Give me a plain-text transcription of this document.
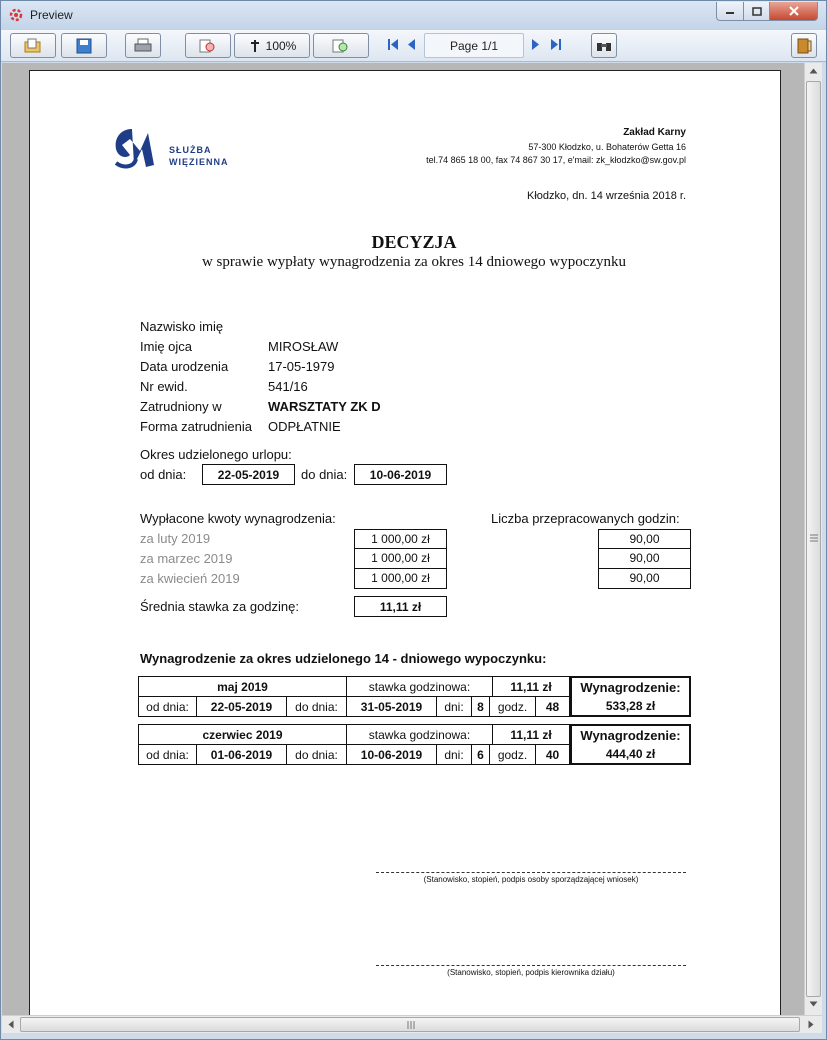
Preview
100%	Page 1/1
SŁUŻBA
WIĘZIENNA
Zakład Karny
57-300 Kłodzko, u. Bohaterów Getta 16
tel.74 865 18 00, fax 74 867 30 17, e'mail: zk_kłodzko@sw.gov.pl
Kłodzko, dn. 14 września 2018 r.
DECYZJA
w sprawie wypłaty wynagrodzenia za okres 14 dniowego wypoczynku
Nazwisko imię
Imię ojca	MIROSŁAW
Data urodzenia	17-05-1979
Nr ewid.	541/16
Zatrudniony w	WARSZTATY ZK D
Forma zatrudnienia ODPŁATNIE
Okres udzielonego urlopu:
od dnia:	22-05-2019	do dnia:	10-06-2019
Wypłacone kwoty wynagrodzenia:	Liczba przepracowanych godzin:
za luty 2019	1 000,00 zł	90,00
za marzec 2019	1 000,00 zł	90,00
za kwiecień 2019	1 000,00 zł	90,00
Średnia stawka za godzinę:	11,11 zł
Wynagrodzenie za okres udzielonego 14 - dniowego wypoczynku:
maj 2019	stawka godzinowa:	11,11 zł
od dnia:	22-05-2019	do dnia:	31-05-2019	dni:	8	godz.	48
Wynagrodzenie:
533,28 zł
czerwiec 2019	stawka godzinowa:	11,11 zł
od dnia:	01-06-2019	do dnia:	10-06-2019	dni:	6	godz.	40
Wynagrodzenie:
444,40 zł
(Stanowisko, stopień, podpis osoby sporządzającej wniosek)
(Stanowisko, stopień, podpis kierownika działu)
